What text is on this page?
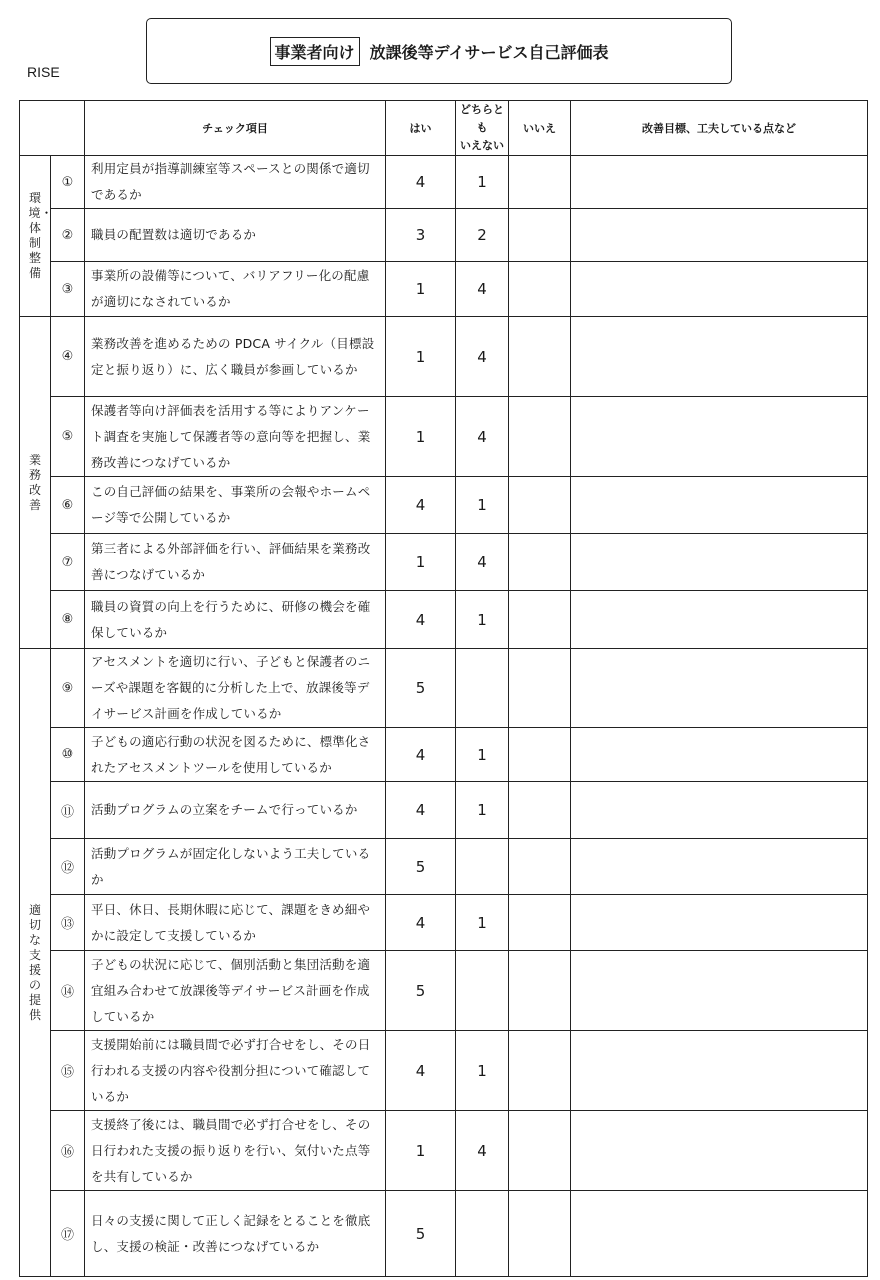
RISE
事業者向け 放課後等デイサービス自己評価表
		チェック項目	はい	どちらとも
いえない	いいえ	改善目標、工夫している点など
環境・体制整備	①	利用定員が指導訓練室等スペースとの関係で適切であるか	4	1		
	②	職員の配置数は適切であるか	3	2		
	③	事業所の設備等について、バリアフリー化の配慮が適切になされているか	1	4		
業務改善	④	業務改善を進めるための PDCA サイクル（目標設定と振り返り）に、広く職員が参画しているか	1	4		
	⑤	保護者等向け評価表を活用する等によりアンケート調査を実施して保護者等の意向等を把握し、業務改善につなげているか	1	4		
	⑥	この自己評価の結果を、事業所の会報やホームページ等で公開しているか	4	1		
	⑦	第三者による外部評価を行い、評価結果を業務改善につなげているか	1	4		
	⑧	職員の資質の向上を行うために、研修の機会を確保しているか	4	1		
適切な支援の提供	⑨	アセスメントを適切に行い、子どもと保護者のニーズや課題を客観的に分析した上で、放課後等デイサービス計画を作成しているか	5			
	⑩	子どもの適応行動の状況を図るために、標準化されたアセスメントツールを使用しているか	4	1		
	⑪	活動プログラムの立案をチームで行っているか	4	1		
	⑫	活動プログラムが固定化しないよう工夫しているか	5			
	⑬	平日、休日、長期休暇に応じて、課題をきめ細やかに設定して支援しているか	4	1		
	⑭	子どもの状況に応じて、個別活動と集団活動を適宜組み合わせて放課後等デイサービス計画を作成しているか	5			
	⑮	支援開始前には職員間で必ず打合せをし、その日行われる支援の内容や役割分担について確認しているか	4	1		
	⑯	支援終了後には、職員間で必ず打合せをし、その日行われた支援の振り返りを行い、気付いた点等を共有しているか	1	4		
	⑰	日々の支援に関して正しく記録をとることを徹底し、支援の検証・改善につなげているか	5			
